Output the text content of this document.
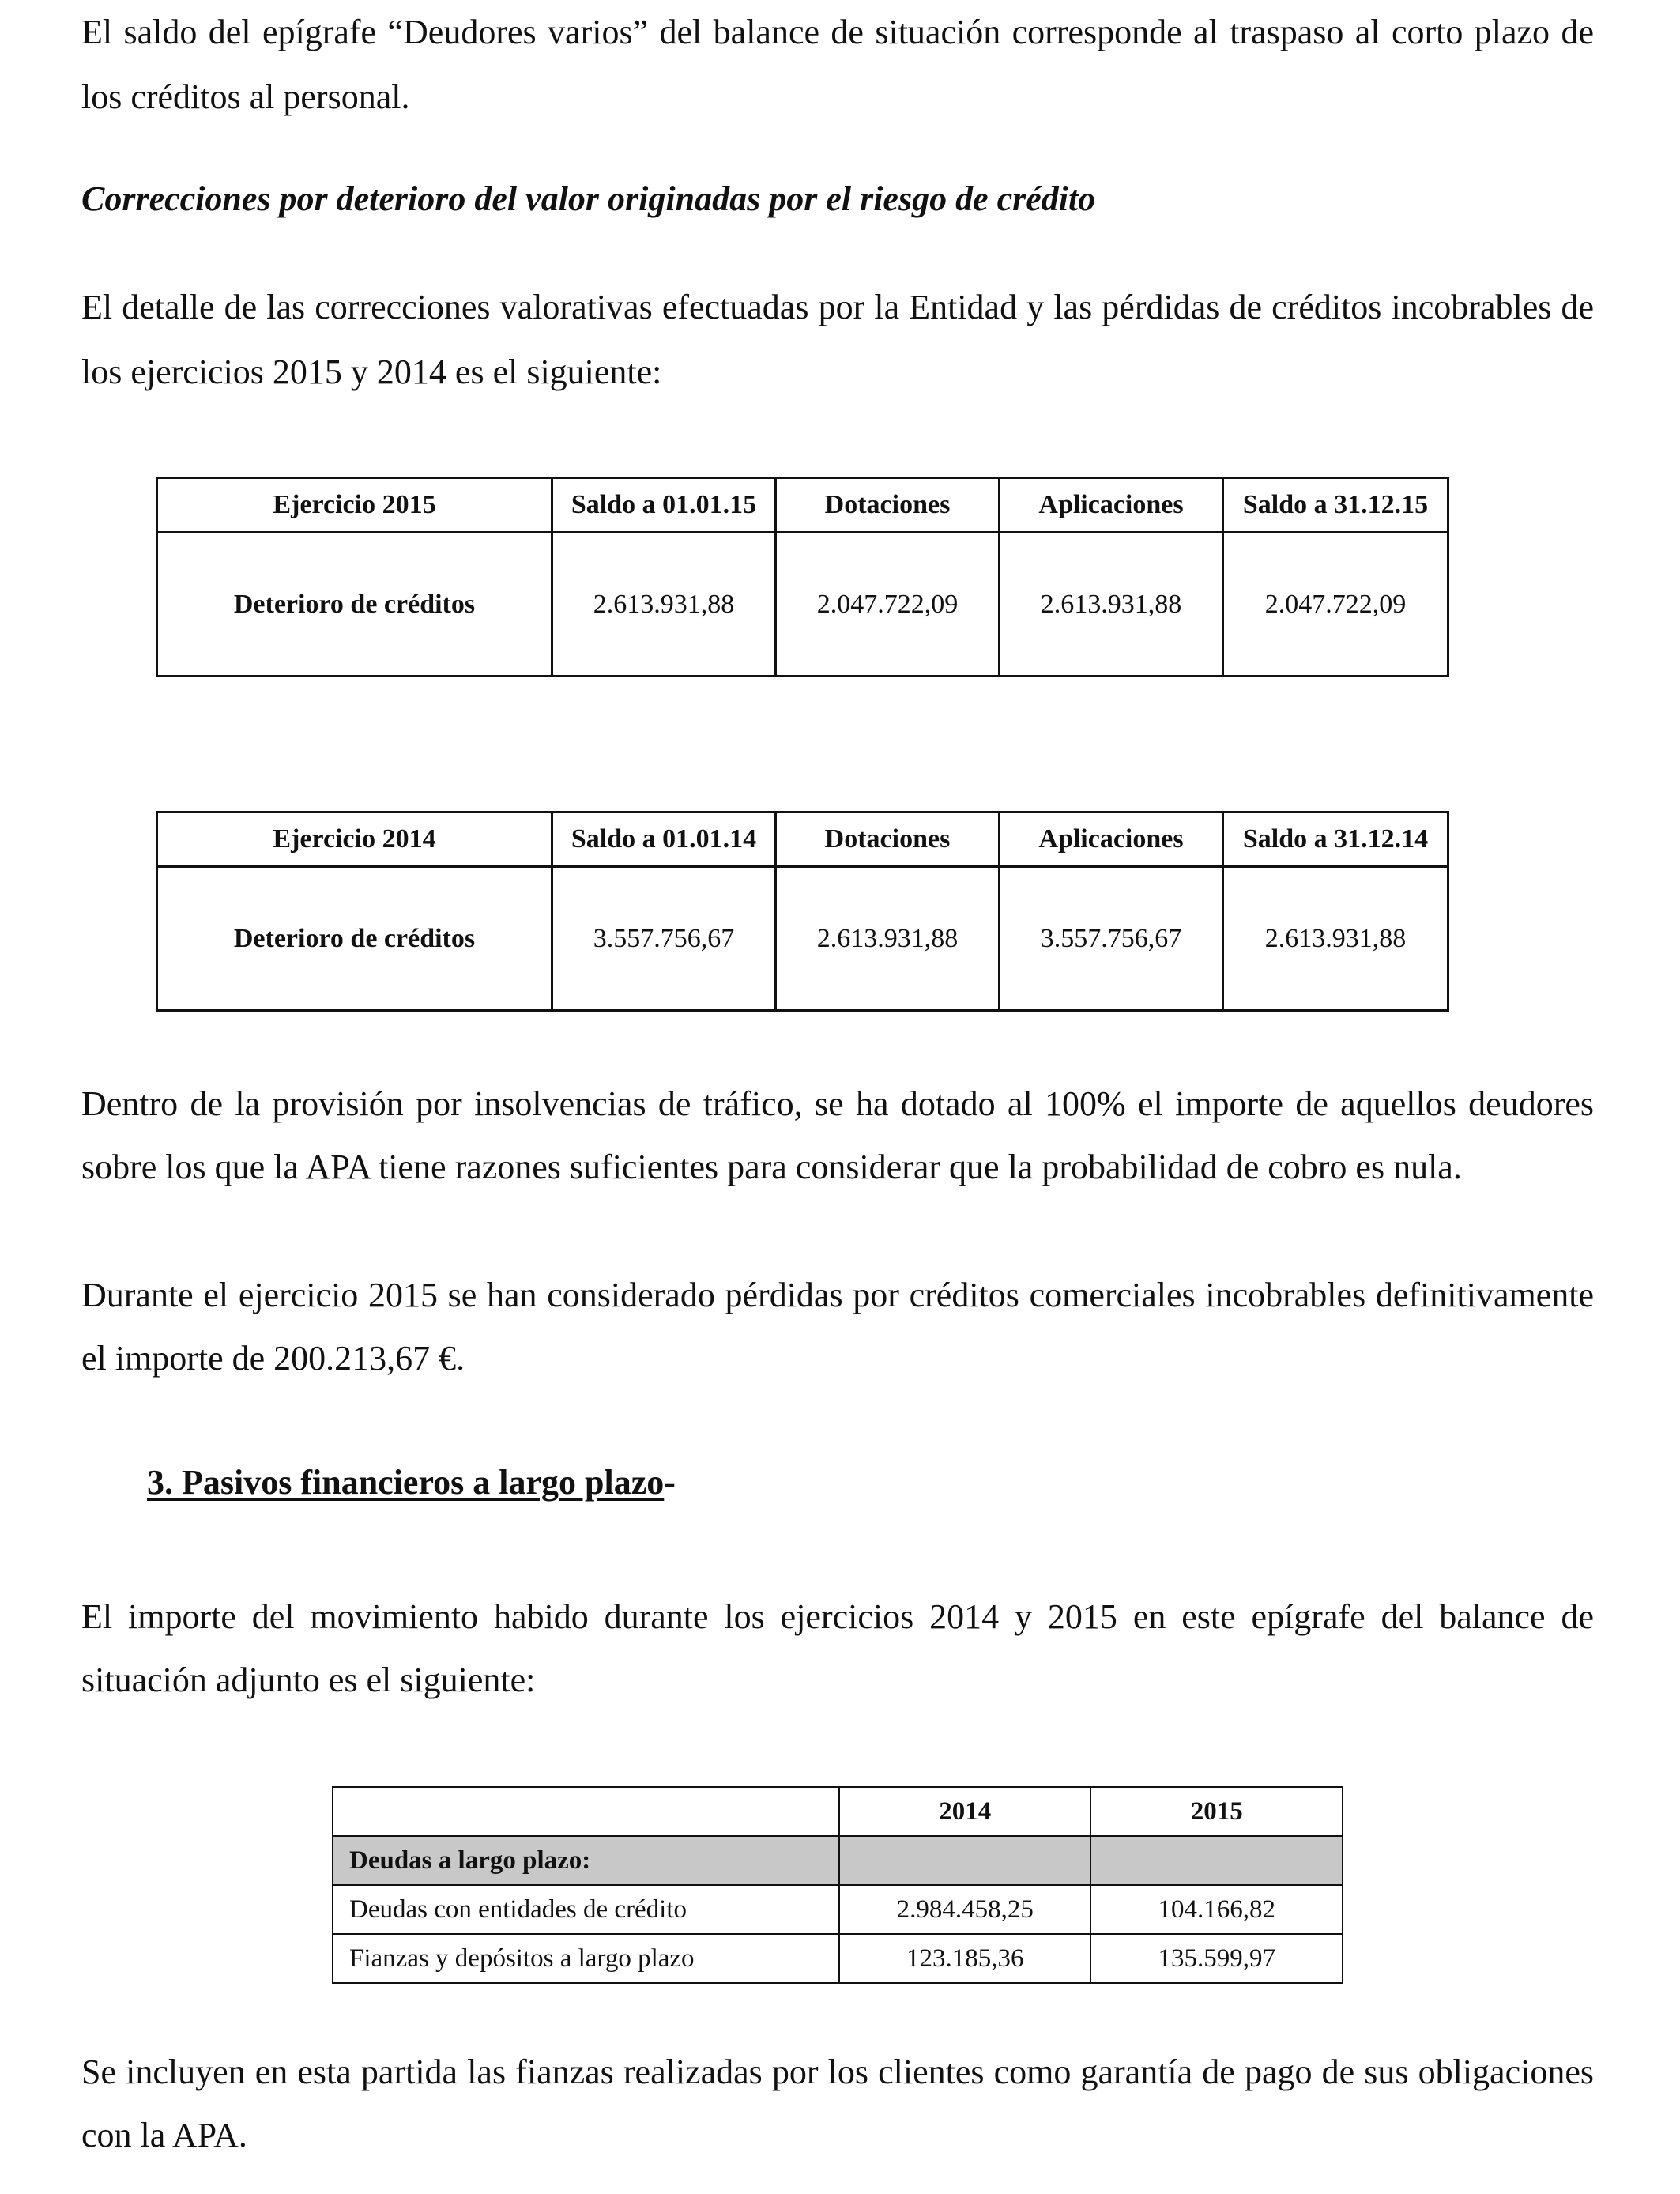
El saldo del epígrafe “Deudores varios” del balance de situación corresponde al traspaso al corto plazo de los créditos al personal.

Correcciones por deterioro del valor originadas por el riesgo de crédito

El detalle de las correcciones valorativas efectuadas por la Entidad y las pérdidas de créditos incobrables de los ejercicios 2015 y 2014 es el siguiente:

Ejercicio 2015	Saldo a 01.01.15	Dotaciones	Aplicaciones	Saldo a 31.12.15
Deterioro de créditos	2.613.931,88	2.047.722,09	2.613.931,88	2.047.722,09
Ejercicio 2014	Saldo a 01.01.14	Dotaciones	Aplicaciones	Saldo a 31.12.14
Deterioro de créditos	3.557.756,67	2.613.931,88	3.557.756,67	2.613.931,88

Dentro de la provisión por insolvencias de tráfico, se ha dotado al 100% el importe de aquellos deudores sobre los que la APA tiene razones suficientes para considerar que la probabilidad de cobro es nula.

Durante el ejercicio 2015 se han considerado pérdidas por créditos comerciales incobrables definitivamente el importe de 200.213,67 €.

3. Pasivos financieros a largo plazo-

El importe del movimiento habido durante los ejercicios 2014 y 2015 en este epígrafe del balance de situación adjunto es el siguiente:

	2014	2015
Deudas a largo plazo:		
Deudas con entidades de crédito	2.984.458,25	104.166,82
Fianzas y depósitos a largo plazo	123.185,36	135.599,97

Se incluyen en esta partida las fianzas realizadas por los clientes como garantía de pago de sus obligaciones con la APA.
